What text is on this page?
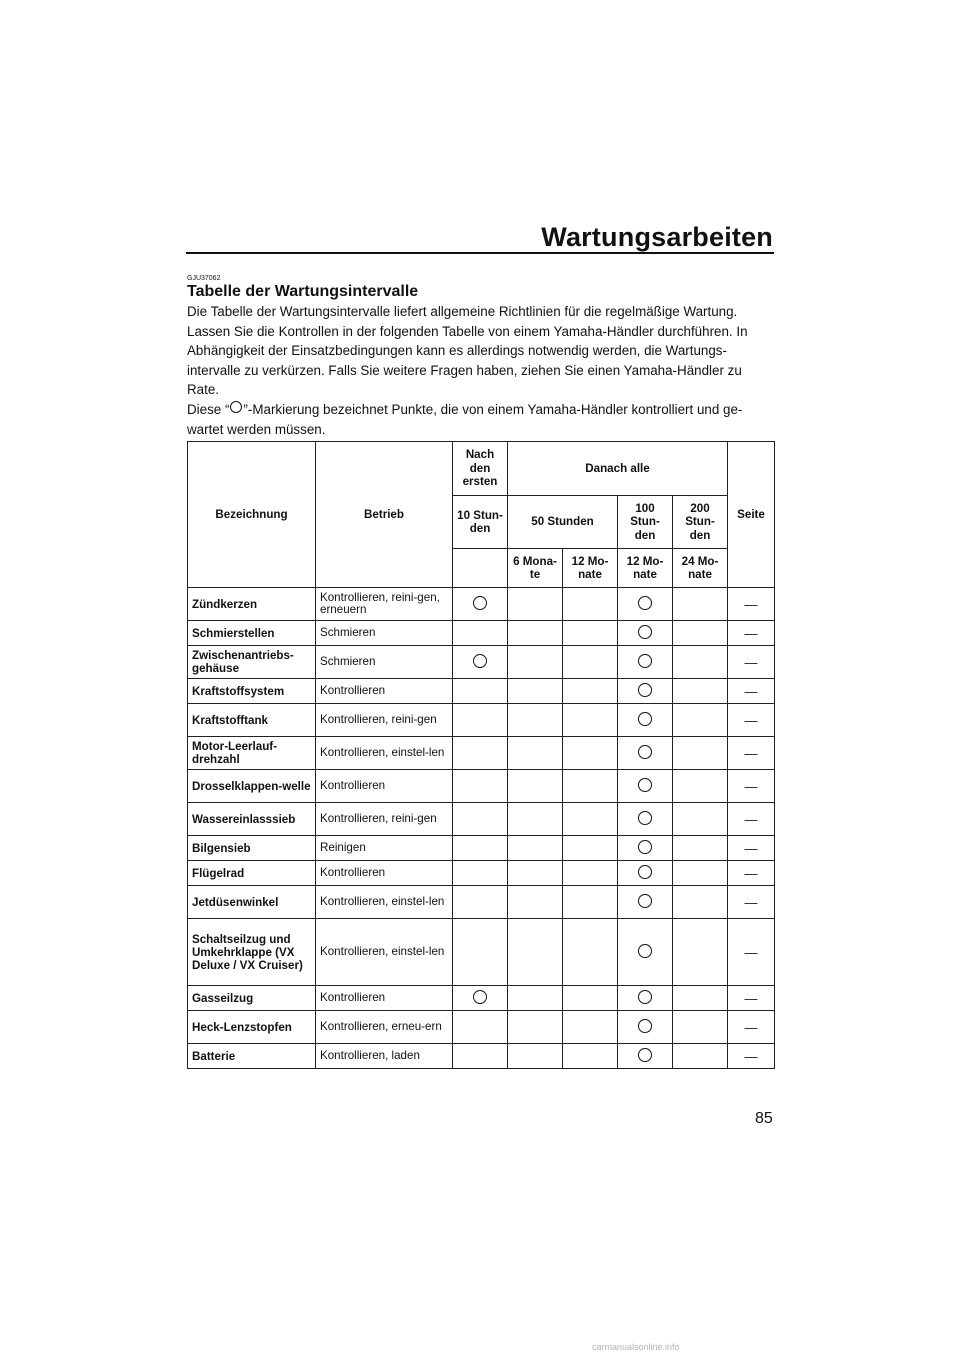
Wartungsarbeiten
GJU37062
Tabelle der Wartungsintervalle

Die Tabelle der Wartungsintervalle liefert allgemeine Richtlinien für die regelmäßige Wartung. Lassen Sie die Kontrollen in der folgenden Tabelle von einem Yamaha-Händler durchführen. In Abhängigkeit der Einsatzbedingungen kann es allerdings notwendig werden, die Wartungs-intervalle zu verkürzen. Falls Sie weitere Fragen haben, ziehen Sie einen Yamaha-Händler zu Rate.

Diese “ ”-Markierung bezeichnet Punkte, die von einem Yamaha-Händler kontrolliert und ge-wartet werden müssen.

Bezeichnung	Betrieb	Nach den ersten	Danach alle				Seite
		10 Stun-den	50 Stunden		100 Stun-den	200 Stun-den	
			6 Mona-te	12 Mo-nate	12 Mo-nate	24 Mo-nate	
Zündkerzen	Kontrollieren, reini-gen, erneuern						—
Schmierstellen	Schmieren						—
Zwischenantriebs-gehäuse	Schmieren						—
Kraftstoffsystem	Kontrollieren						—
Kraftstofftank	Kontrollieren, reini-gen						—
Motor-Leerlauf-drehzahl	Kontrollieren, einstel-len						—
Drosselklappen-welle	Kontrollieren						—
Wassereinlasssieb	Kontrollieren, reini-gen						—
Bilgensieb	Reinigen						—
Flügelrad	Kontrollieren						—
Jetdüsenwinkel	Kontrollieren, einstel-len						—
Schaltseilzug und Umkehrklappe (VX Deluxe / VX Cruiser)	Kontrollieren, einstel-len						—
Gasseilzug	Kontrollieren						—
Heck-Lenzstopfen	Kontrollieren, erneu-ern						—
Batterie	Kontrollieren, laden						—
85
carmanualsonline.info
